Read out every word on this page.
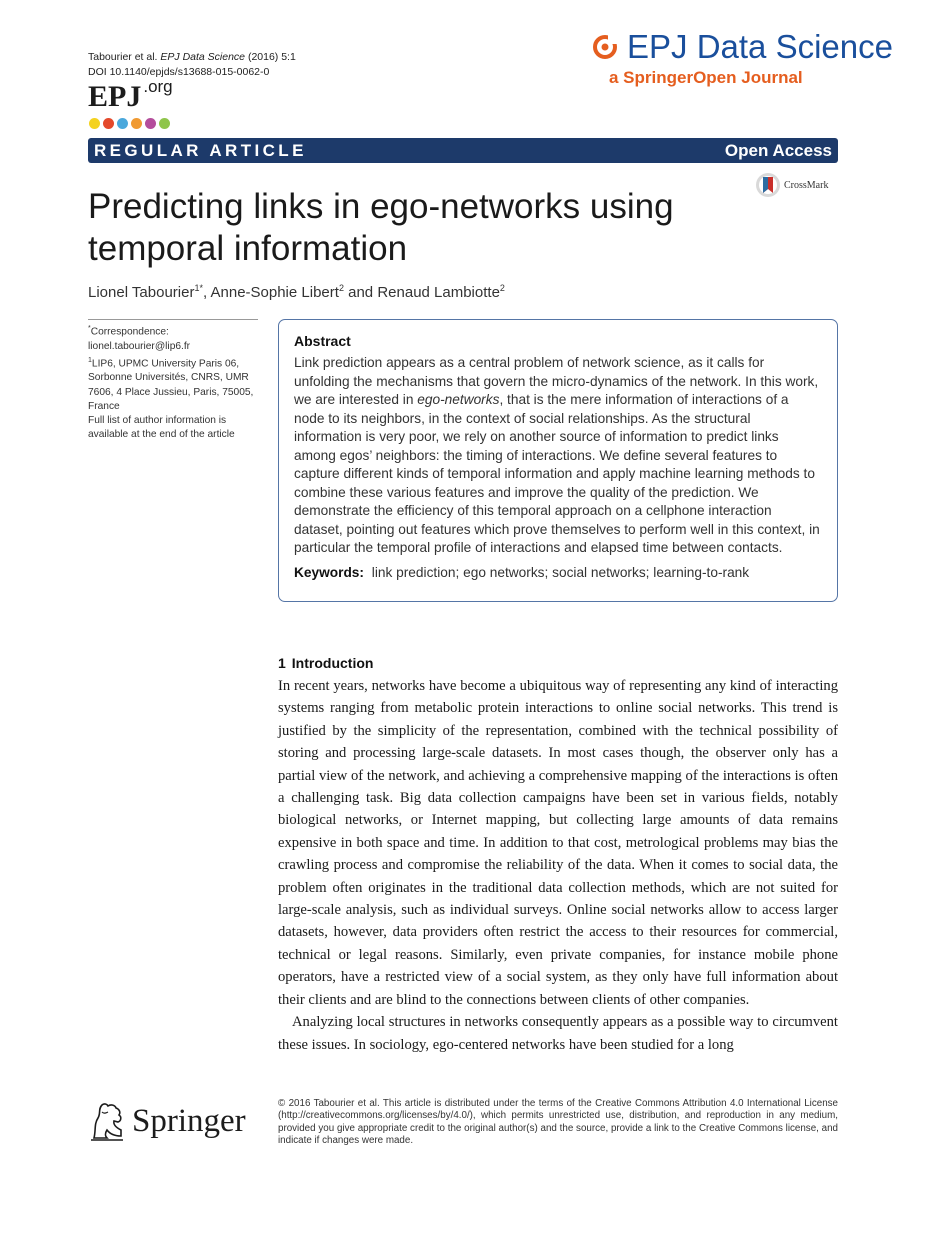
Tabourier et al. EPJ Data Science (2016) 5:1
DOI 10.1140/epjds/s13688-015-0062-0
EPJ $^{.org}$
EPJ Data Science
a SpringerOpen Journal
REGULAR ARTICLE	Open Access
CrossMark
Predicting links in ego-networks using temporal information
Lionel Tabourier$^{1*}$, Anne-Sophie Libert$^2$ and Renaud Lambiotte$^2$

*Correspondence:

lionel.tabourier@lip6.fr

$^1$LIP6, UPMC University Paris 06, Sorbonne Universités, CNRS, UMR 7606, 4 Place Jussieu, Paris, 75005, France

Full list of author information is available at the end of the article

Abstract
Link prediction appears as a central problem of network science, as it calls for unfolding the mechanisms that govern the micro-dynamics of the network. In this work, we are interested in ego-networks, that is the mere information of interactions of a node to its neighbors, in the context of social relationships. As the structural information is very poor, we rely on another source of information to predict links among egos’ neighbors: the timing of interactions. We define several features to capture different kinds of temporal information and apply machine learning methods to combine these various features and improve the quality of the prediction. We demonstrate the efficiency of this temporal approach on a cellphone interaction dataset, pointing out features which prove themselves to perform well in this context, in particular the temporal profile of interactions and elapsed time between contacts.
Keywords: link prediction; ego networks; social networks; learning-to-rank
1 Introduction

In recent years, networks have become a ubiquitous way of representing any kind of interacting systems ranging from metabolic protein interactions to online social networks. This trend is justified by the simplicity of the representation, combined with the technical possibility of storing and processing large-scale datasets. In most cases though, the observer only has a partial view of the network, and achieving a comprehensive mapping of the interactions is often a challenging task. Big data collection campaigns have been set in various fields, notably biological networks, or Internet mapping, but collecting large amounts of data remains expensive in both space and time. In addition to that cost, metrological problems may bias the crawling process and compromise the reliability of the data. When it comes to social data, the problem often originates in the traditional data collection methods, which are not suited for large-scale analysis, such as individual surveys. Online social networks allow to access larger datasets, however, data providers often restrict the access to their resources for commercial, technical or legal reasons. Similarly, even private companies, for instance mobile phone operators, have a restricted view of a social system, as they only have full information about their clients and are blind to the connections between clients of other companies.

Analyzing local structures in networks consequently appears as a possible way to circumvent these issues. In sociology, ego-centered networks have been studied for a long

Springer	© 2016 Tabourier et al. This article is distributed under the terms of the Creative Commons Attribution 4.0 International License (http://creativecommons.org/licenses/by/4.0/), which permits unrestricted use, distribution, and reproduction in any medium, provided you give appropriate credit to the original author(s) and the source, provide a link to the Creative Commons license, and indicate if changes were made.
